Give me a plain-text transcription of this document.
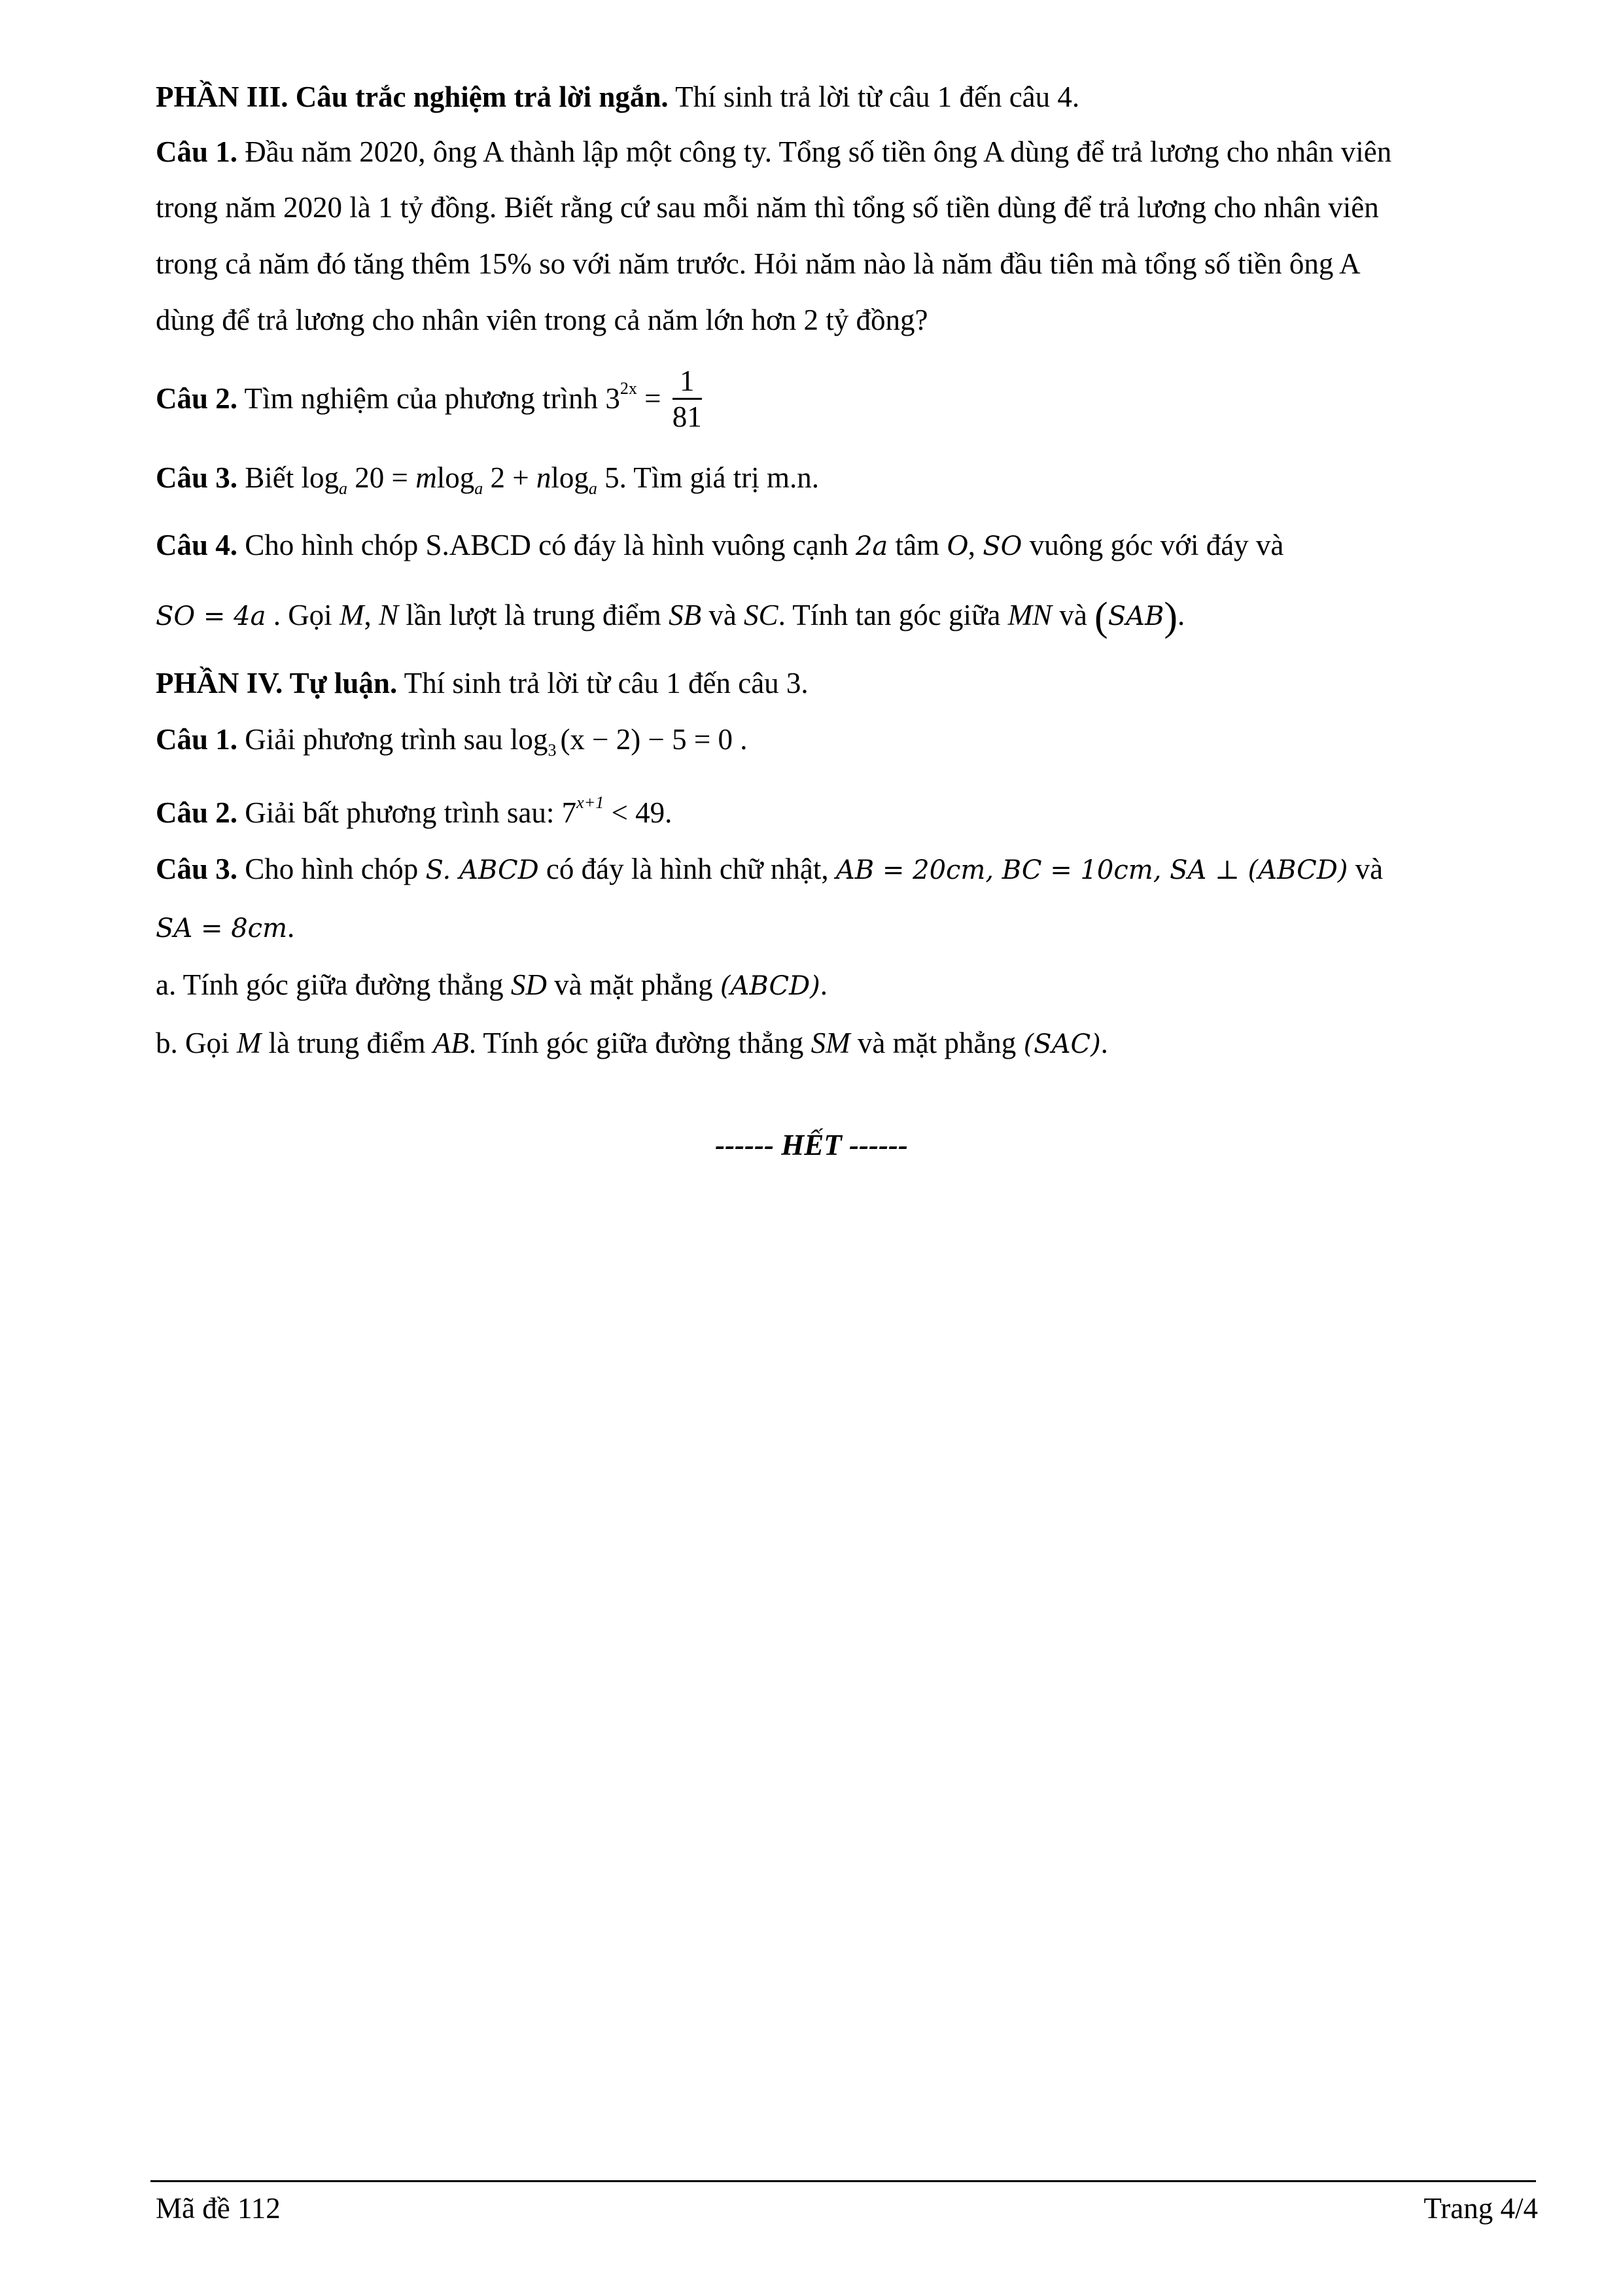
PHẦN III. Câu trắc nghiệm trả lời ngắn. Thí sinh trả lời từ câu 1 đến câu 4.
Câu 1. Đầu năm 2020, ông A thành lập một công ty. Tổng số tiền ông A dùng để trả lương cho nhân viên
trong năm 2020 là 1 tỷ đồng. Biết rằng cứ sau mỗi năm thì tổng số tiền dùng để trả lương cho nhân viên
trong cả năm đó tăng thêm 15% so với năm trước. Hỏi năm nào là năm đầu tiên mà tổng số tiền ông A
dùng để trả lương cho nhân viên trong cả năm lớn hơn 2 tỷ đồng?
Câu 2. Tìm nghiệm của phương trình $3^{2x} = \frac{1}{81}$
Câu 3. Biết $\log_a 20 = mlog_a$ 2 + nlog$_a$ 5. Tìm giá trị m.n.
Câu 4. Cho hình chóp S.ABCD có đáy là hình vuông cạnh 2a tâm O, SO vuông góc với đáy và
SO = 4a . Gọi M, N lần lượt là trung điểm SB và SC. Tính tan góc giữa MN và (SAB).
PHẦN IV. Tự luận. Thí sinh trả lời từ câu 1 đến câu 3.
Câu 1. Giải phương trình sau $\log_3 (x - 2) - 5 = 0$ .
Câu 2. Giải bất phương trình sau: $7^{x+1} < 49$.
Câu 3. Cho hình chóp S. ABCD có đáy là hình chữ nhật, AB = 20cm, BC = 10cm, SA ⊥ (ABCD) và
SA = 8cm.
a. Tính góc giữa đường thẳng SD và mặt phẳng (ABCD).
b. Gọi M là trung điểm AB. Tính góc giữa đường thẳng SM và mặt phẳng (SAC).
------ HẾT ------
Mã đề 112	Trang 4/4
